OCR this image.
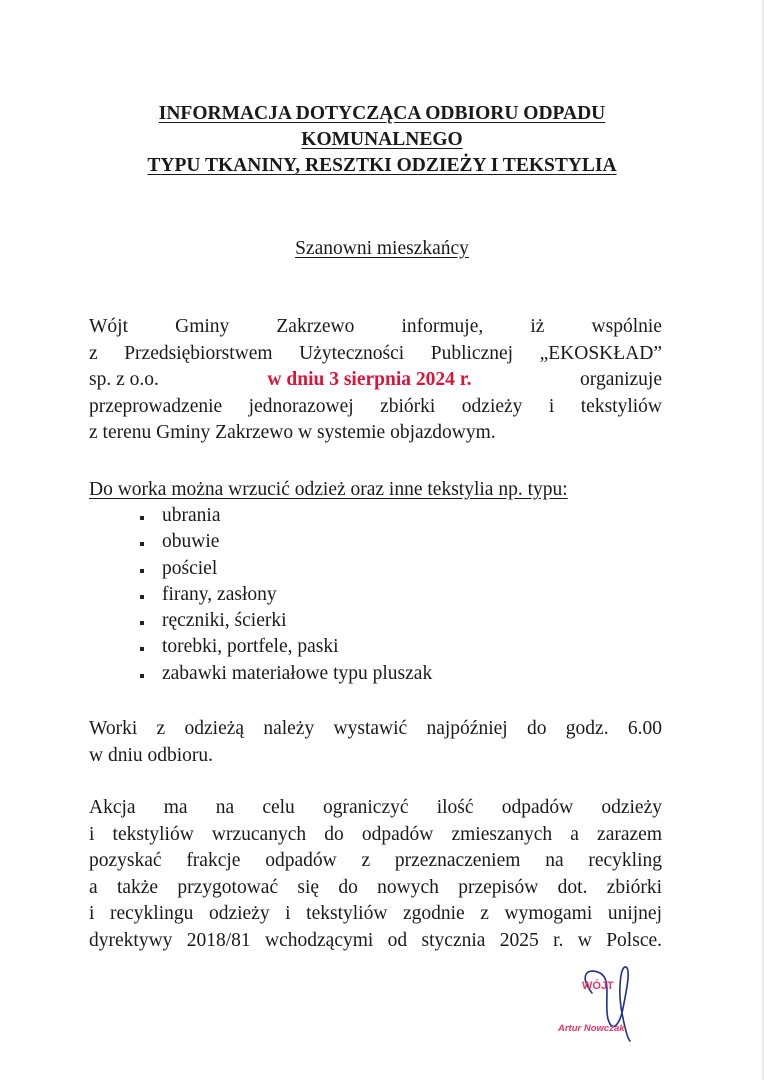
INFORMACJA DOTYCZĄCA ODBIORU ODPADU
KOMUNALNEGO
TYPU TKANINY, RESZTKI ODZIEŻY I TEKSTYLIA
Szanowni mieszkańcy
Wójt Gminy Zakrzewo informuje, iż wspólnie
z Przedsiębiorstwem Użyteczności Publicznej „EKOSKŁAD”
sp. z o.o.	w dniu 3 sierpnia 2024 r.	organizuje
przeprowadzenie jednorazowej zbiórki odzieży i tekstyliów
z terenu Gminy Zakrzewo w systemie objazdowym.
Do worka można wrzucić odzież oraz inne tekstylia np. typu:
ubrania
obuwie
pościel
firany, zasłony
ręczniki, ścierki
torebki, portfele, paski
zabawki materiałowe typu pluszak
Worki z odzieżą należy wystawić najpóźniej do godz. 6.00
w dniu odbioru.
Akcja ma na celu ograniczyć ilość odpadów odzieży
i tekstyliów wrzucanych do odpadów zmieszanych a zarazem
pozyskać frakcje odpadów z przeznaczeniem na recykling
a także przygotować się do nowych przepisów dot. zbiórki
i recyklingu odzieży i tekstyliów zgodnie z wymogami unijnej
dyrektywy 2018/81 wchodzącymi od stycznia 2025 r. w Polsce.
WÓJT
Artur Nowczak
